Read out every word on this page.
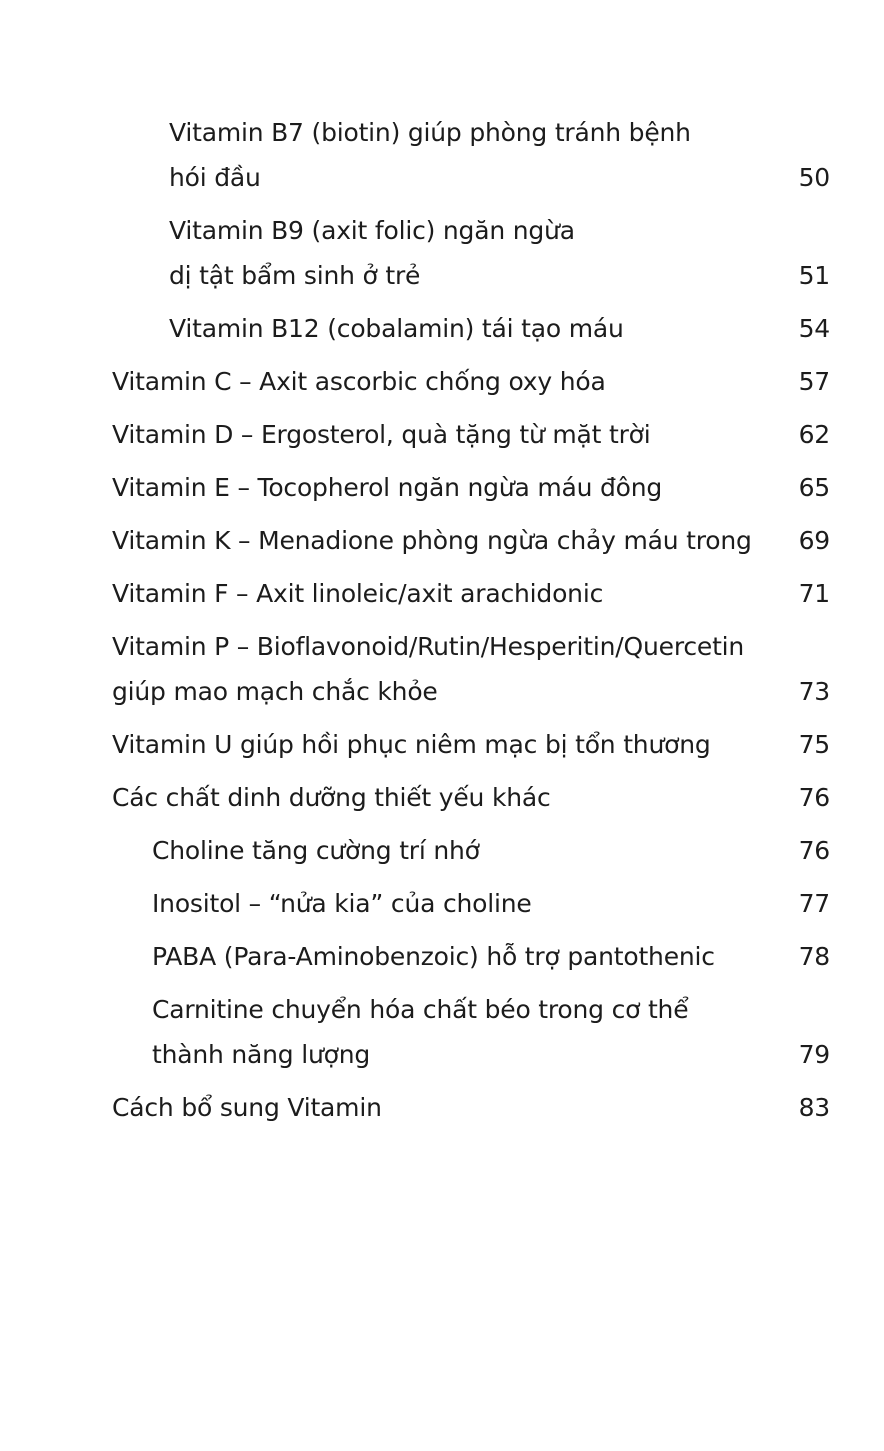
Vitamin B7 (biotin) giúp phòng tránh bệnh
hói đầu	50
Vitamin B9 (axit folic) ngăn ngừa
dị tật bẩm sinh ở trẻ	51
Vitamin B12 (cobalamin) tái tạo máu	54
Vitamin C – Axit ascorbic chống oxy hóa	57
Vitamin D – Ergosterol, quà tặng từ mặt trời	62
Vitamin E – Tocopherol ngăn ngừa máu đông	65
Vitamin K – Menadione phòng ngừa chảy máu trong	69
Vitamin F – Axit linoleic/axit arachidonic	71
Vitamin P – Bioflavonoid/Rutin/Hesperitin/Quercetin
giúp mao mạch chắc khỏe	73
Vitamin U giúp hồi phục niêm mạc bị tổn thương	75
Các chất dinh dưỡng thiết yếu khác	76
Choline tăng cường trí nhớ	76
Inositol – “nửa kia” của choline	77
PABA (Para-Aminobenzoic) hỗ trợ pantothenic	78
Carnitine chuyển hóa chất béo trong cơ thể
thành năng lượng	79
Cách bổ sung Vitamin	83
